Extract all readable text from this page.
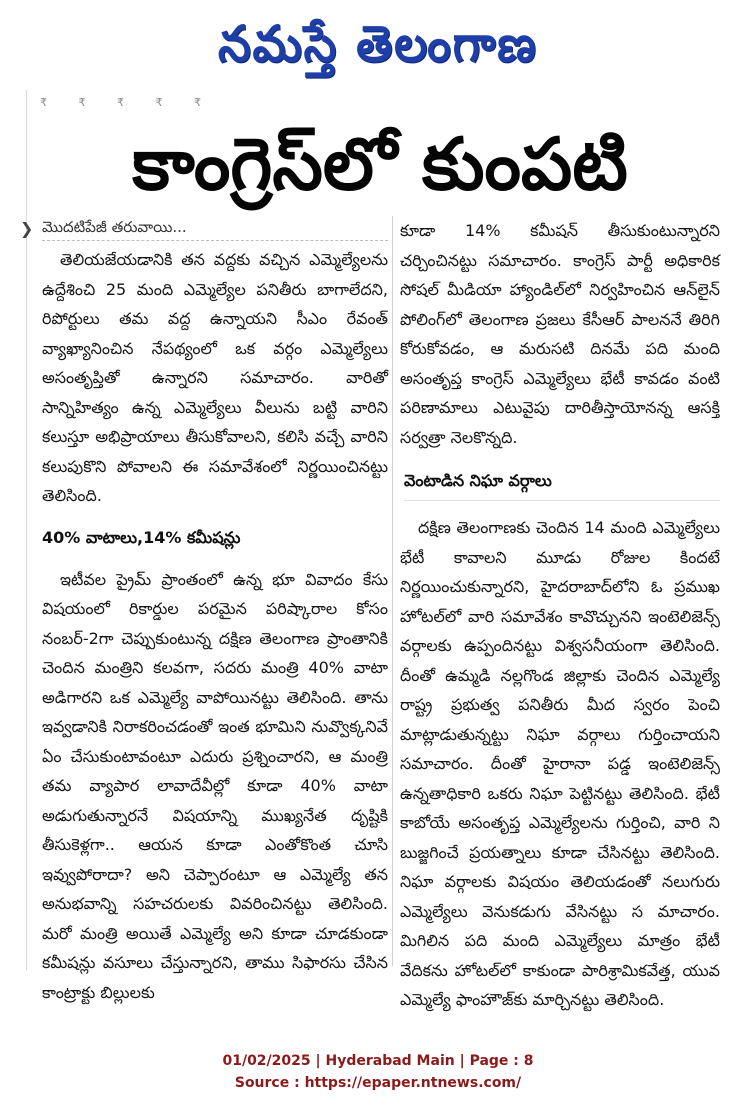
నమస్తే తెలంగాణ
₹ ₹ ₹ ₹ ₹
కాంగ్రెస్‌లో కుంపటి
❯ మొదటిపేజీ తరువాయి...

తెలియజేయడానికి తన వద్దకు వచ్చిన ఎమ్మెల్యేలను ఉద్దేశించి 25 మంది ఎమ్మెల్యేల పనితీరు బాగాలేదని, రిపోర్టులు తమ వద్ద ఉన్నాయని సీఎం రేవంత్ వ్యాఖ్యానించిన నేపథ్యంలో ఒక వర్గం ఎమ్మెల్యేలు అసంతృప్తితో ఉన్నారని సమాచారం. వారితో సాన్నిహిత్యం ఉన్న ఎమ్మెల్యేలు వీలును బట్టి వారిని కలుస్తూ అభిప్రాయాలు తీసుకోవాలని, కలిసి వచ్చే వారిని కలుపుకొని పోవాలని ఈ సమావేశంలో నిర్ణయించినట్టు తెలిసింది.

40% వాటాలు,14% కమీషన్లు

ఇటీవల ప్రైమ్ ప్రాంతంలో ఉన్న భూ వివాదం కేసు విషయంలో రికార్డుల పరమైన పరిష్కారాల కోసం నంబర్-2గా చెప్పుకుంటున్న దక్షిణ తెలంగాణ ప్రాంతానికి చెందిన మంత్రిని కలవగా, సదరు మంత్రి 40% వాటా అడిగారని ఒక ఎమ్మెల్యే వాపోయినట్టు తెలిసింది. తాను ఇవ్వడానికి నిరాకరించడంతో ఇంత భూమిని నువ్వొక్కనివే ఏం చేసుకుంటావంటూ ఎదురు ప్రశ్నించారని, ఆ మంత్రి తమ వ్యాపార లావాదేవీల్లో కూడా 40% వాటా అడుగుతున్నారనే విషయాన్ని ముఖ్యనేత దృష్టికి తీసుకెళ్లగా.. ఆయన కూడా ఎంతోకొంత చూసి ఇవ్వుపోరాదా? అని చెప్పారంటూ ఆ ఎమ్మెల్యే తన అనుభవాన్ని సహచరులకు వివరించినట్టు తెలిసింది. మరో మంత్రి అయితే ఎమ్మెల్యే అని కూడా చూడకుండా కమీషన్లు వసూలు చేస్తున్నారని, తాము సిఫారసు చేసిన కాంట్రాక్టు బిల్లులకు

కూడా 14% కమీషన్ తీసుకుంటున్నారని చర్చించినట్టు సమాచారం. కాంగ్రెస్ పార్టీ అధికారిక సోషల్ మీడియా హ్యాండిల్‌లో నిర్వహించిన ఆన్‌లైన్ పోలింగ్‌లో తెలంగాణ ప్రజలు కేసీఆర్ పాలననే తిరిగి కోరుకోవడం, ఆ మరుసటి దినమే పది మంది అసంతృప్త కాంగ్రెస్ ఎమ్మెల్యేలు భేటీ కావడం వంటి పరిణామాలు ఎటువైపు దారితీస్తాయోనన్న ఆసక్తి సర్వత్రా నెలకొన్నది.

వెంటాడిన నిఘా వర్గాలు

దక్షిణ తెలంగాణకు చెందిన 14 మంది ఎమ్మెల్యేలు భేటీ కావాలని మూడు రోజుల కిందటే నిర్ణయించుకున్నారని, హైదరాబాద్‌లోని ఓ ప్రముఖ హోటల్‌లో వారి సమావేశం కావొచ్చునని ఇంటెలిజెన్స్ వర్గాలకు ఉప్పందినట్టు విశ్వసనీయంగా తెలిసింది. దీంతో ఉమ్మడి నల్లగొండ జిల్లాకు చెందిన ఎమ్మెల్యే రాష్ట్ర ప్రభుత్వ పనితీరు మీద స్వరం పెంచి మాట్లాడుతున్నట్టు నిఘా వర్గాలు గుర్తించాయని సమాచారం. దీంతో హైరానా పడ్డ ఇంటెలిజెన్స్ ఉన్నతాధికారి ఒకరు నిఘా పెట్టినట్టు తెలిసింది. భేటీ కాబోయే అసంతృప్త ఎమ్మెల్యేలను గుర్తించి, వారి ని బుజ్జగించే ప్రయత్నాలు కూడా చేసినట్టు తెలిసింది. నిఘా వర్గాలకు విషయం తెలియడంతో నలుగురు ఎమ్మెల్యేలు వెనుకడుగు వేసినట్టు స మాచారం. మిగిలిన పది మంది ఎమ్మెల్యేలు మాత్రం భేటీ వేదికను హోటల్‌లో కాకుండా పారిశ్రామికవేత్త, యువ ఎమ్మెల్యే ఫాంహౌజ్‌కు మార్చినట్టు తెలిసింది.

01/02/2025 | Hyderabad Main | Page : 8
Source : https://epaper.ntnews.com/
